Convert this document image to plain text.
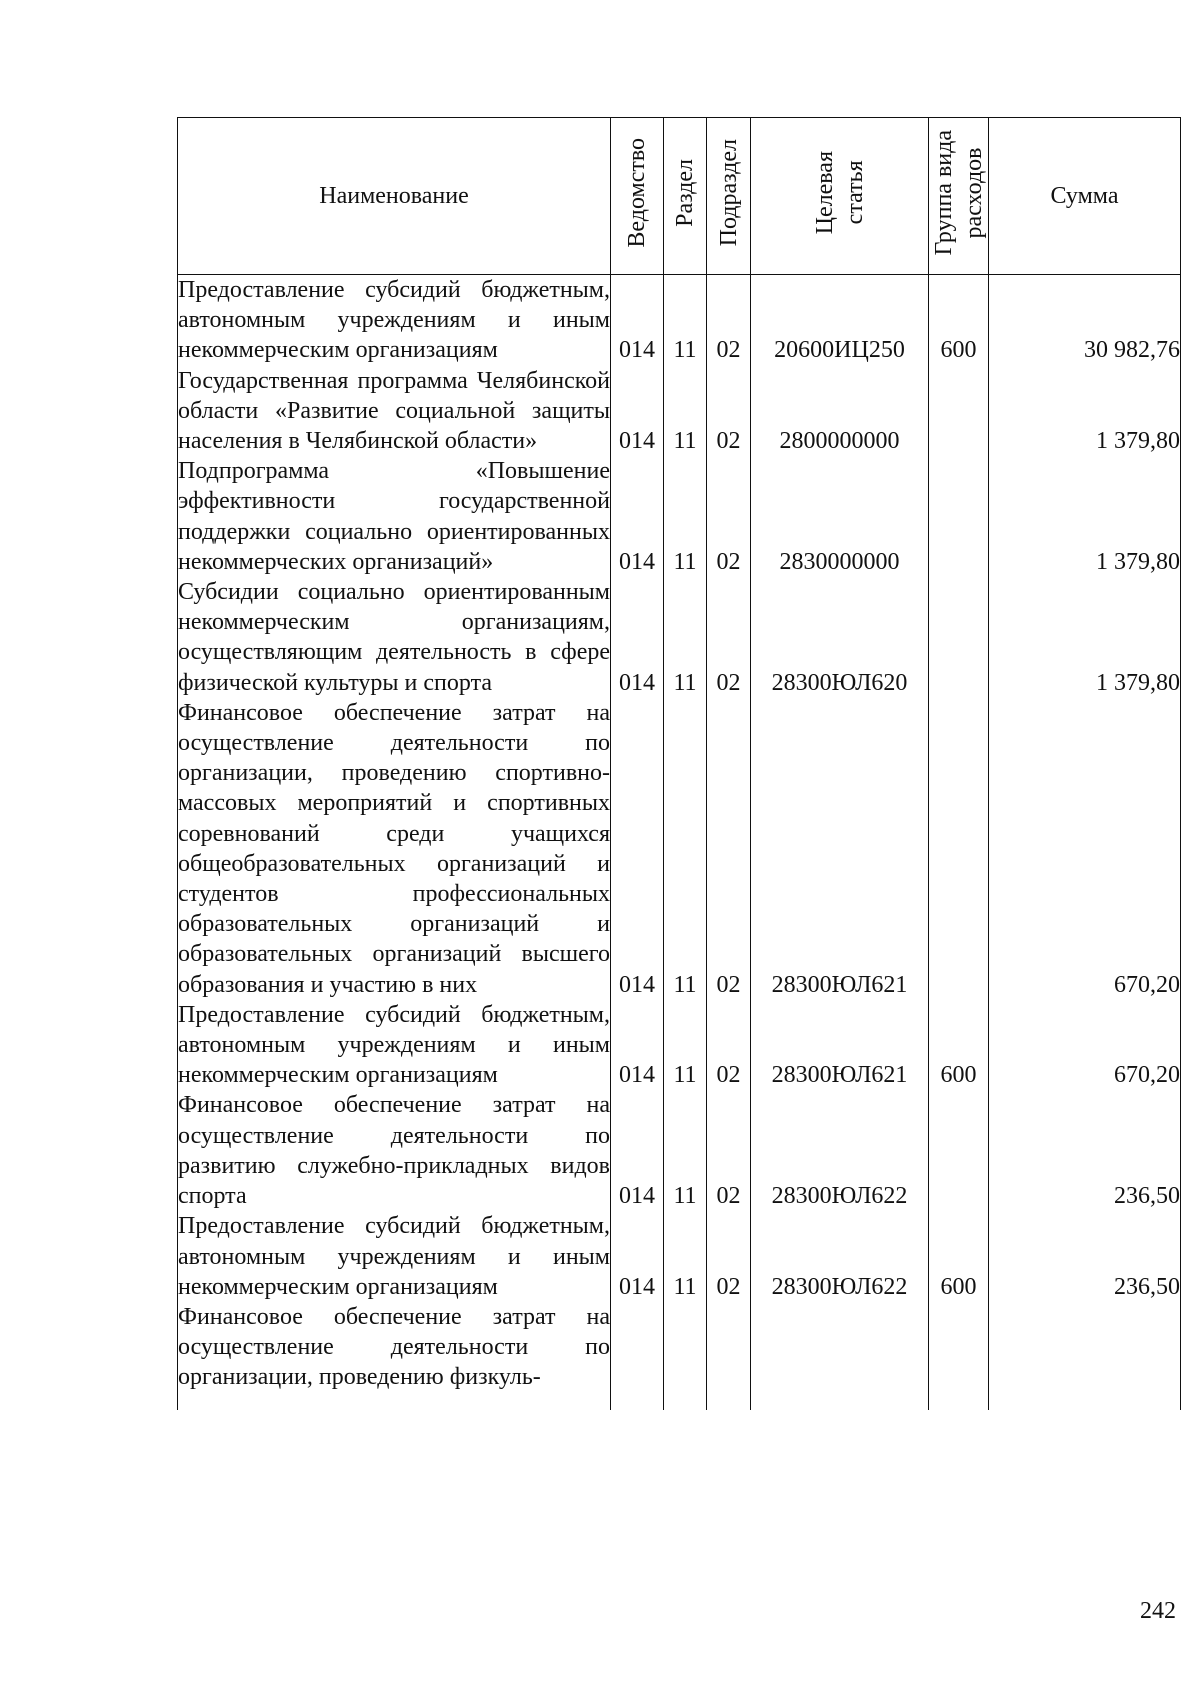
Наименование	Ведомство	Раздел	Подраздел	Целевая статья	Группа вида расходов	Сумма
Предоставление субсидий бюджетным, автономным учреждениям и иным некоммерческим организациям	014	11	02	20600ИЦ250	600	30 982,76
Государственная программа Челябинской области «Развитие социальной защиты населения в Челябинской области»	014	11	02	2800000000		1 379,80
Подпрограмма «Повышение эффективности государственной поддержки социально ориентированных некоммерческих организаций»	014	11	02	2830000000		1 379,80
Субсидии социально ориентированным некоммерческим организациям, осуществляющим деятельность в сфере физической культуры и спорта	014	11	02	28300ЮЛ620		1 379,80
Финансовое обеспечение затрат на осуществление деятельности по организации, проведению спортивно-массовых мероприятий и спортивных соревнований среди учащихся общеобразовательных организаций и студентов профессиональных образовательных организаций и образовательных организаций высшего образования и участию в них	014	11	02	28300ЮЛ621		670,20
Предоставление субсидий бюджетным, автономным учреждениям и иным некоммерческим организациям	014	11	02	28300ЮЛ621	600	670,20
Финансовое обеспечение затрат на осуществление деятельности по развитию служебно-прикладных видов спорта	014	11	02	28300ЮЛ622		236,50
Предоставление субсидий бюджетным, автономным учреждениям и иным некоммерческим организациям	014	11	02	28300ЮЛ622	600	236,50
Финансовое обеспечение затрат на осуществление деятельности по организации, проведению физкуль-						
242
